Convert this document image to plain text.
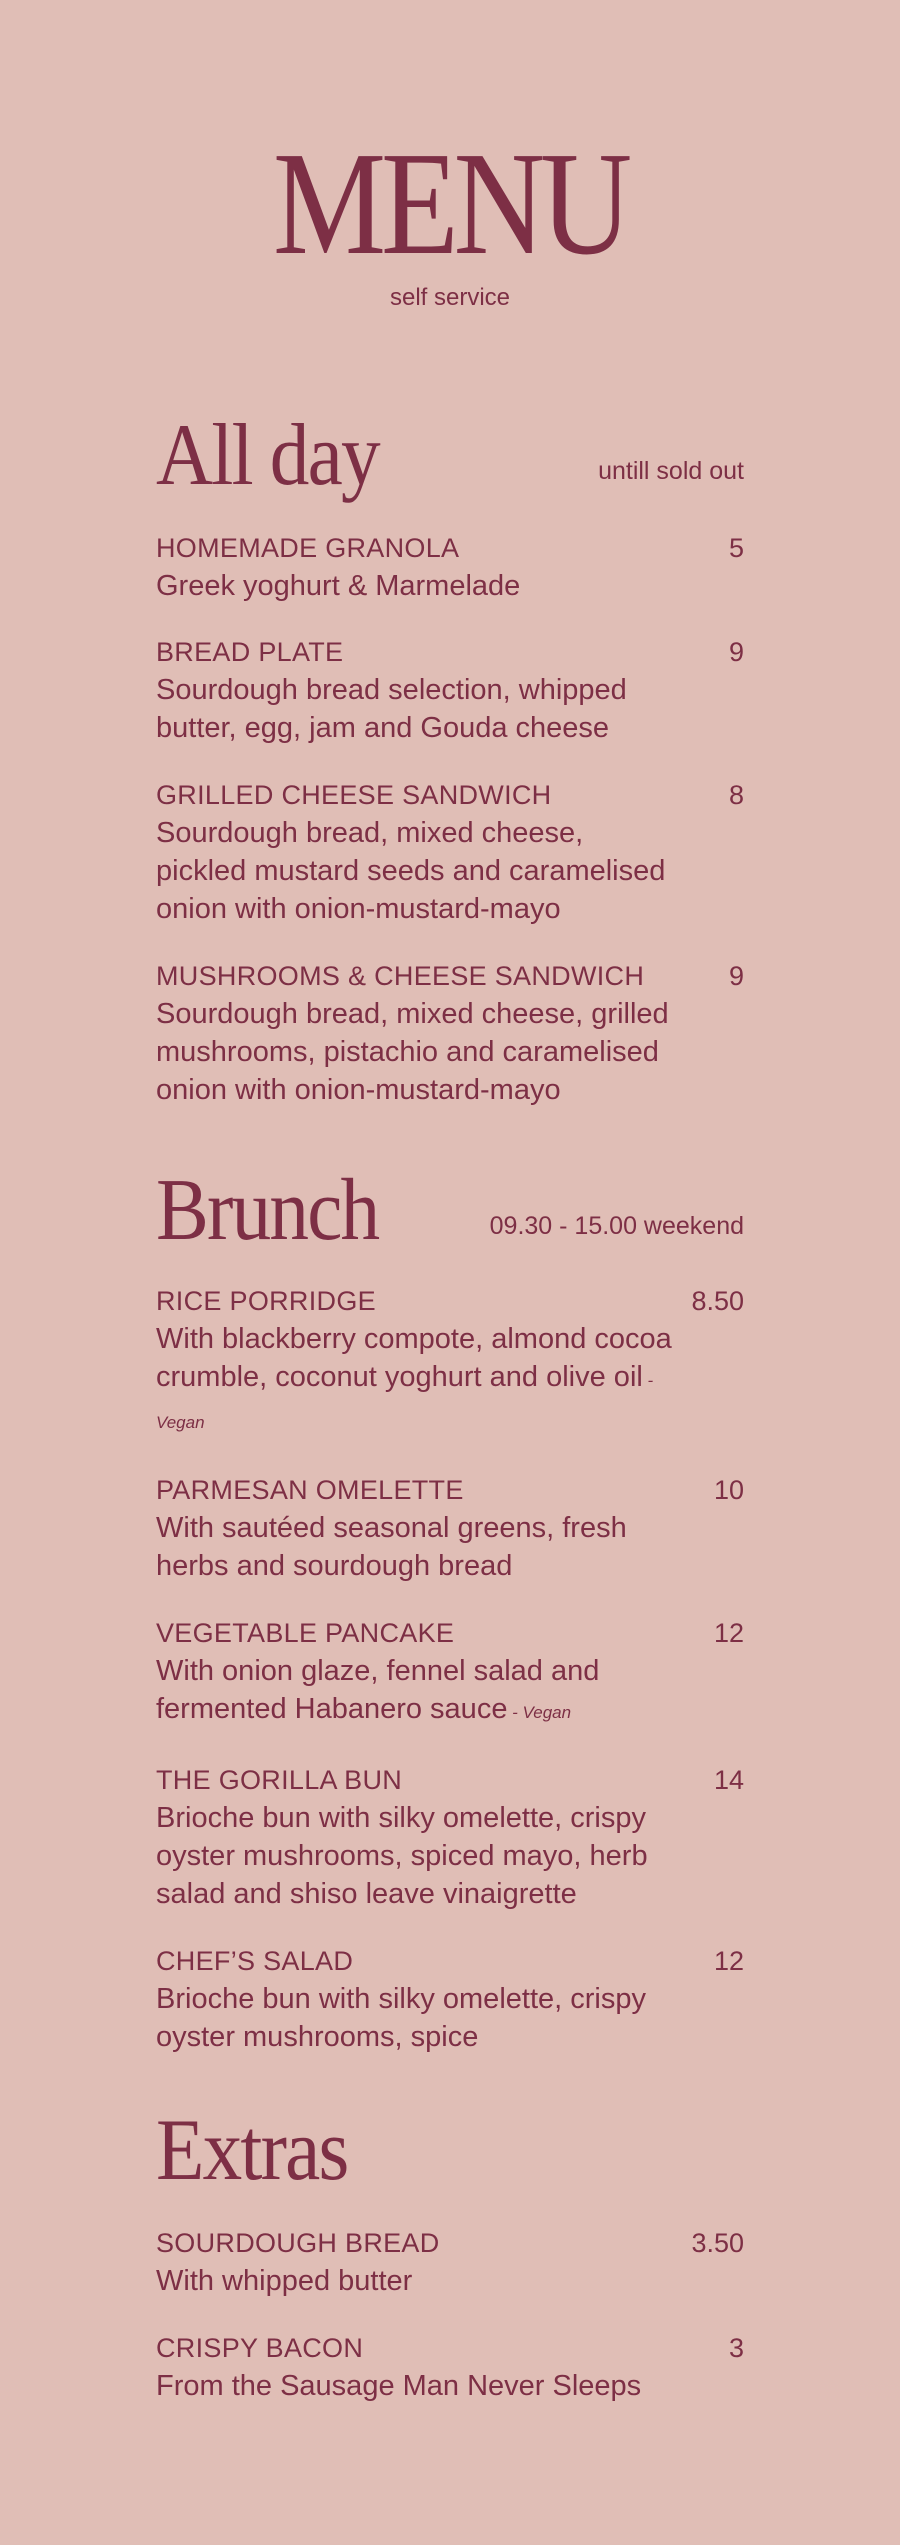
MENU

self service

All day	untill sold out
HOMEMADE GRANOLA
Greek yoghurt & Marmelade
5
BREAD PLATE
Sourdough bread selection, whipped butter, egg, jam and Gouda cheese
9
GRILLED CHEESE SANDWICH
Sourdough bread, mixed cheese, pickled mustard seeds and caramelised onion with onion-mustard-mayo
8
MUSHROOMS & CHEESE SANDWICH
Sourdough bread, mixed cheese, grilled mushrooms, pistachio and caramelised onion with onion-mustard-mayo
9
Brunch	09.30 - 15.00 weekend
RICE PORRIDGE
With blackberry compote, almond cocoa crumble, coconut yoghurt and olive oil - Vegan
8.50
PARMESAN OMELETTE
With sautéed seasonal greens, fresh herbs and sourdough bread
10
VEGETABLE PANCAKE
With onion glaze, fennel salad and fermented Habanero sauce - Vegan
12
THE GORILLA BUN
Brioche bun with silky omelette, crispy oyster mushrooms, spiced mayo, herb salad and shiso leave vinaigrette
14
CHEF’S SALAD
Brioche bun with silky omelette, crispy oyster mushrooms, spice
12
Extras
SOURDOUGH BREAD
With whipped butter
3.50
CRISPY BACON
From the Sausage Man Never Sleeps
3
